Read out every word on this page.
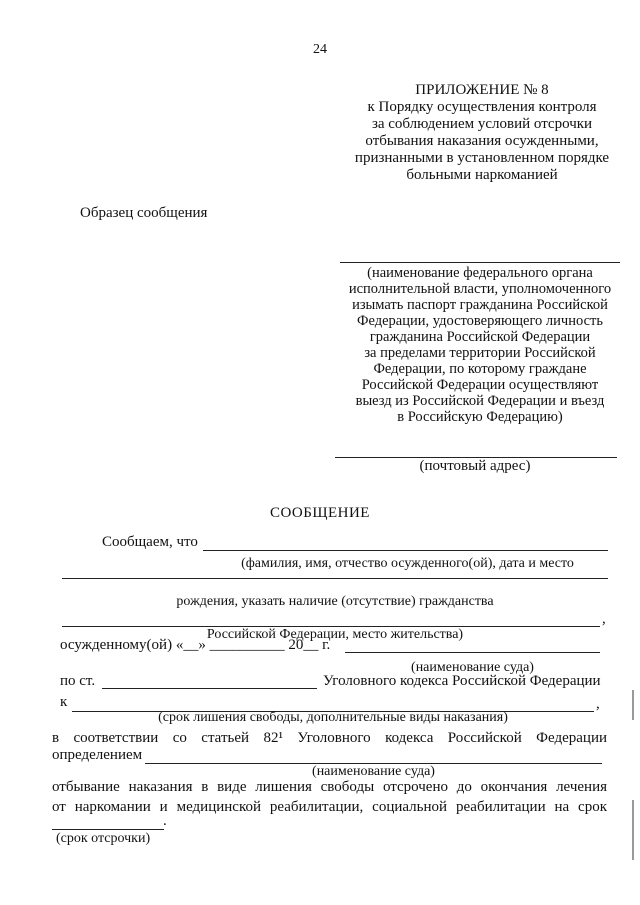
24
ПРИЛОЖЕНИЕ № 8
к Порядку осуществления контроля
за соблюдением условий отсрочки
отбывания наказания осужденными,
признанными в установленном порядке
больными наркоманией
Образец сообщения
(наименование федерального органа
исполнительной власти, уполномоченного
изымать паспорт гражданина Российской
Федерации, удостоверяющего личность
гражданина Российской Федерации
за пределами территории Российской
Федерации, по которому граждане
Российской Федерации осуществляют
выезд из Российской Федерации и въезд
в Российскую Федерацию)
(почтовый адрес)
СООБЩЕНИЕ
Сообщаем, что
(фамилия, имя, отчество осужденного(ой), дата и место
рождения, указать наличие (отсутствие) гражданства
,
Российской Федерации, место жительства)
осужденному(ой) «__» __________ 20__ г.
(наименование суда)
по ст.	Уголовного кодекса Российской Федерации
к	,
(срок лишения свободы, дополнительные виды наказания)
в соответствии со статьей 82¹ Уголовного кодекса Российской Федерации
определением
(наименование суда)
отбывание наказания в виде лишения свободы отсрочено до окончания лечения
от наркомании и медицинской реабилитации, социальной реабилитации на срок
.
(срок отсрочки)
